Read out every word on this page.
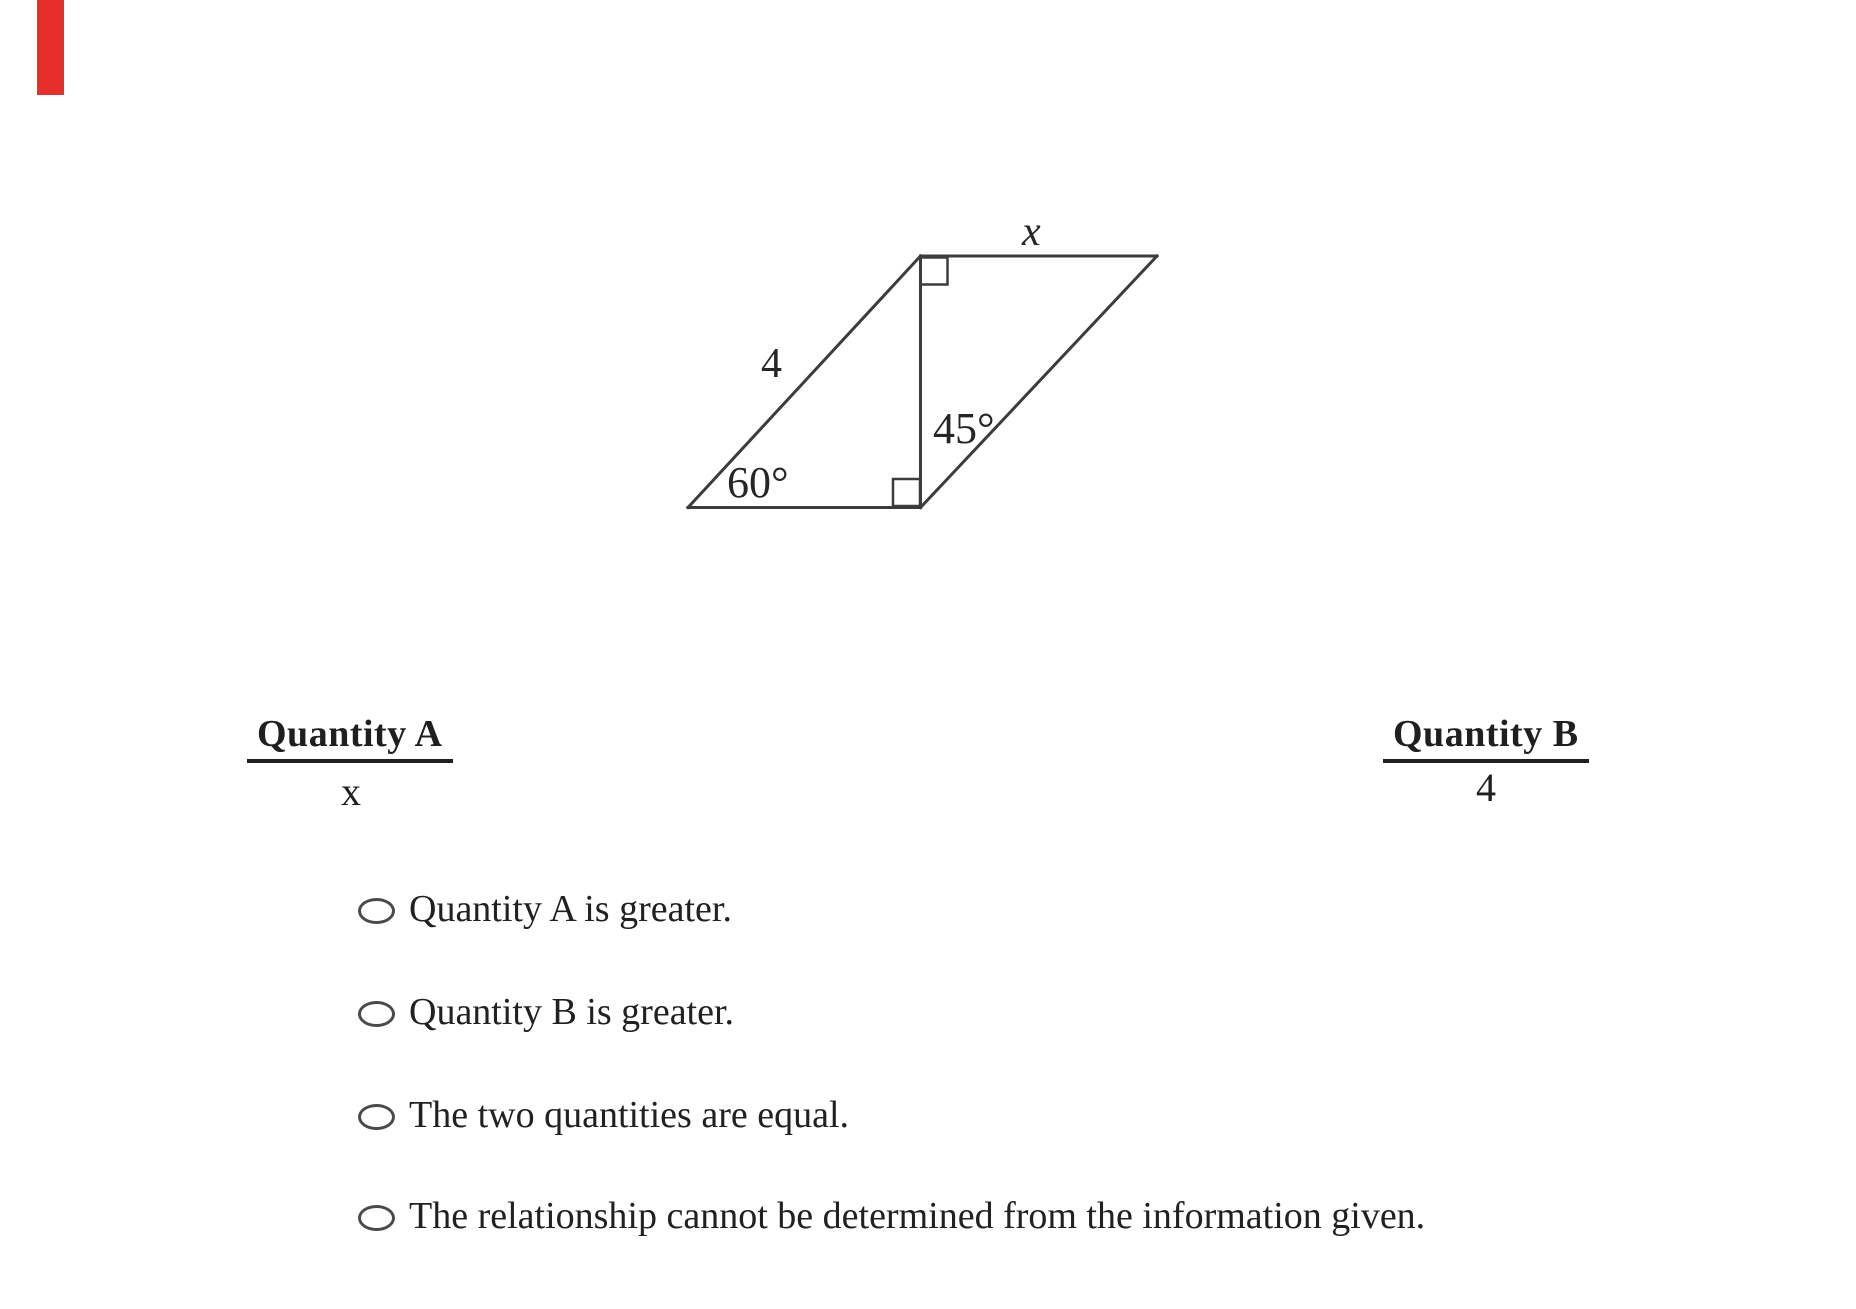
x
4
60°
45°
Quantity A	Quantity B
x	4
Quantity A is greater.
Quantity B is greater.
The two quantities are equal.
The relationship cannot be determined from the information given.
